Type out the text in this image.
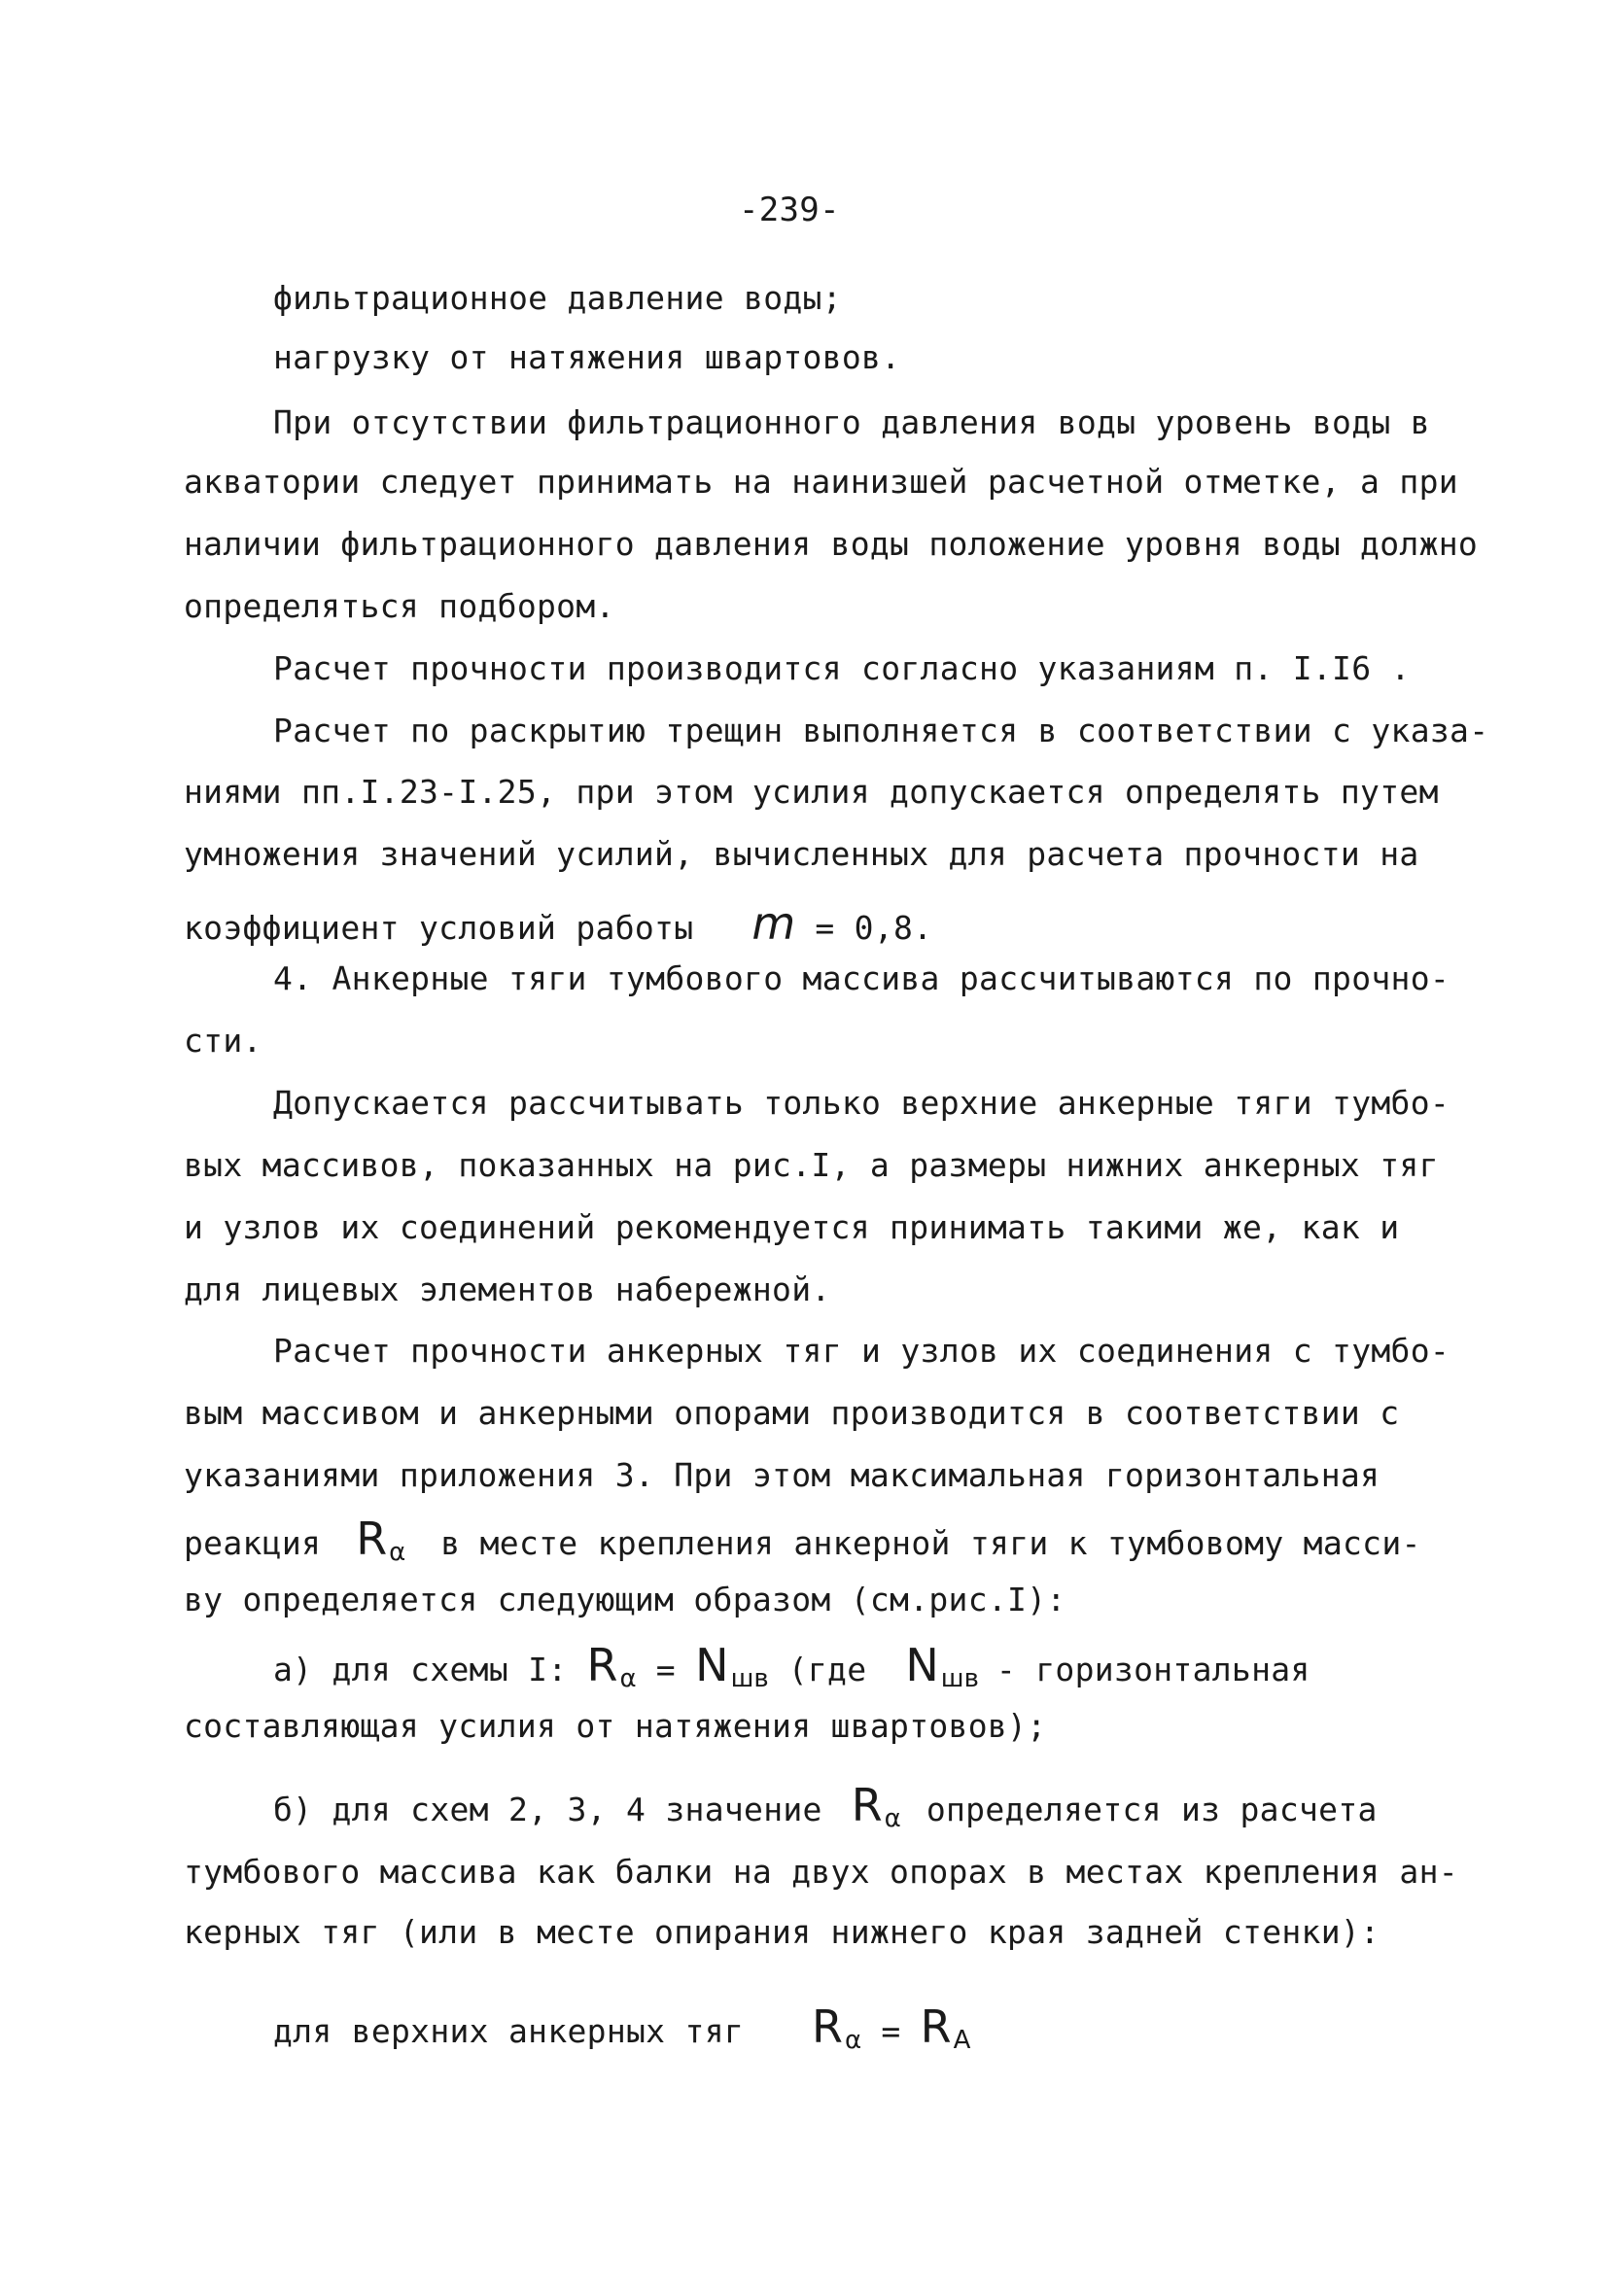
-239-
фильтрационное давление воды;
нагрузку от натяжения швартовов.
При отсутствии фильтрационного давления воды уровень воды в
акватории следует принимать на наинизшей расчетной отметке, а при
наличии фильтрационного давления воды положение уровня воды должно
определяться подбором.
Расчет прочности производится согласно указаниям п. I.I6 .
Расчет по раскрытию трещин выполняется в соответствии с указа-
ниями пп.I.23-I.25, при этом усилия допускается определять путем
умножения значений усилий, вычисленных для расчета прочности на
коэффициент условий работы m = 0,8.
4. Анкерные тяги тумбового массива рассчитываются по прочно-
сти.
Допускается рассчитывать только верхние анкерные тяги тумбо-
вых массивов, показанных на рис.I, а размеры нижних анкерных тяг
и узлов их соединений рекомендуется принимать такими же, как и
для лицевых элементов набережной.
Расчет прочности анкерных тяг и узлов их соединения с тумбо-
вым массивом и анкерными опорами производится в соответствии с
указаниями приложения 3. При этом максимальная горизонтальная
реакция $R_\alpha$ в месте крепления анкерной тяги к тумбовому масси-
ву определяется следующим образом (см.рис.I):
а) для схемы I: $R_\alpha = N_{шв}$ (где $N_{шв}$ - горизонтальная
составляющая усилия от натяжения швартовов);
б) для схем 2, 3, 4 значение $R_\alpha$ определяется из расчета
тумбового массива как балки на двух опорах в местах крепления ан-
керных тяг (или в месте опирания нижнего края задней стенки):
для верхних анкерных тяг $R_\alpha = R_A$
